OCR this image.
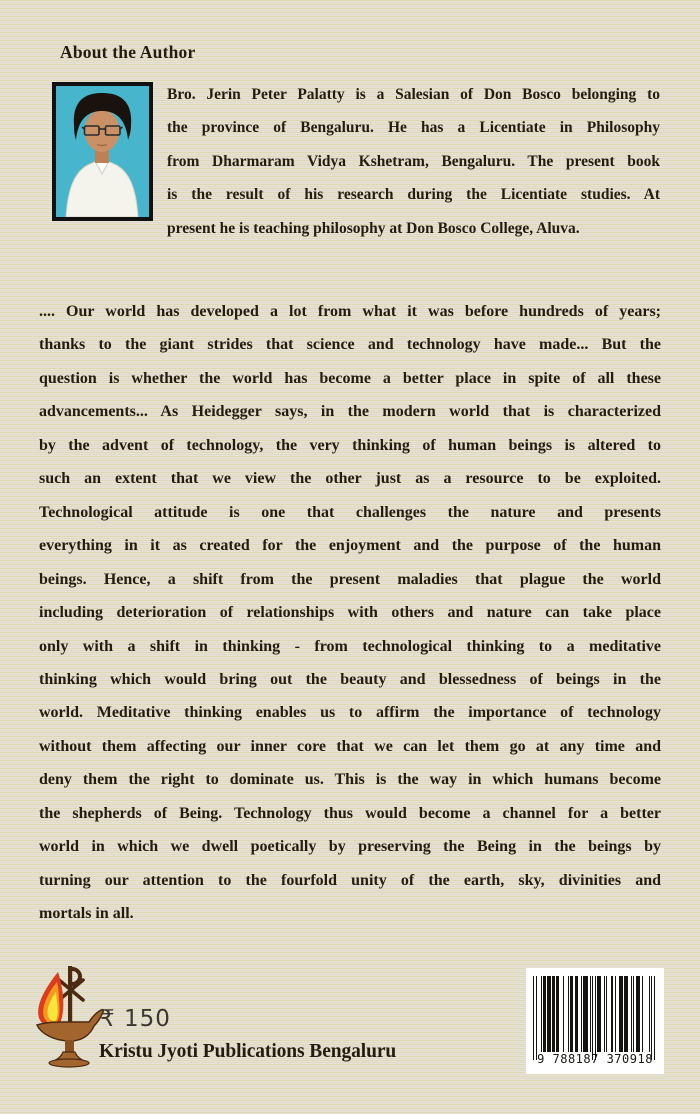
About the Author
Bro. Jerin Peter Palatty is a Salesian of Don Bosco belonging to
the province of Bengaluru. He has a Licentiate in Philosophy
from Dharmaram Vidya Kshetram, Bengaluru. The present book
is the result of his research during the Licentiate studies. At
present he is teaching philosophy at Don Bosco College, Aluva.
.... Our world has developed a lot from what it was before hundreds of years;
thanks to the giant strides that science and technology have made... But the
question is whether the world has become a better place in spite of all these
advancements... As Heidegger says, in the modern world that is characterized
by the advent of technology, the very thinking of human beings is altered to
such an extent that we view the other just as a resource to be exploited.
Technological attitude is one that challenges the nature and presents
everything in it as created for the enjoyment and the purpose of the human
beings. Hence, a shift from the present maladies that plague the world
including deterioration of relationships with others and nature can take place
only with a shift in thinking - from technological thinking to a meditative
thinking which would bring out the beauty and blessedness of beings in the
world. Meditative thinking enables us to affirm the importance of technology
without them affecting our inner core that we can let them go at any time and
deny them the right to dominate us. This is the way in which humans become
the shepherds of Being. Technology thus would become a channel for a better
world in which we dwell poetically by preserving the Being in the beings by
turning our attention to the fourfold unity of the earth, sky, divinities and
mortals in all.
₹ 150
Kristu Jyoti Publications Bengaluru	9 788187 370918
